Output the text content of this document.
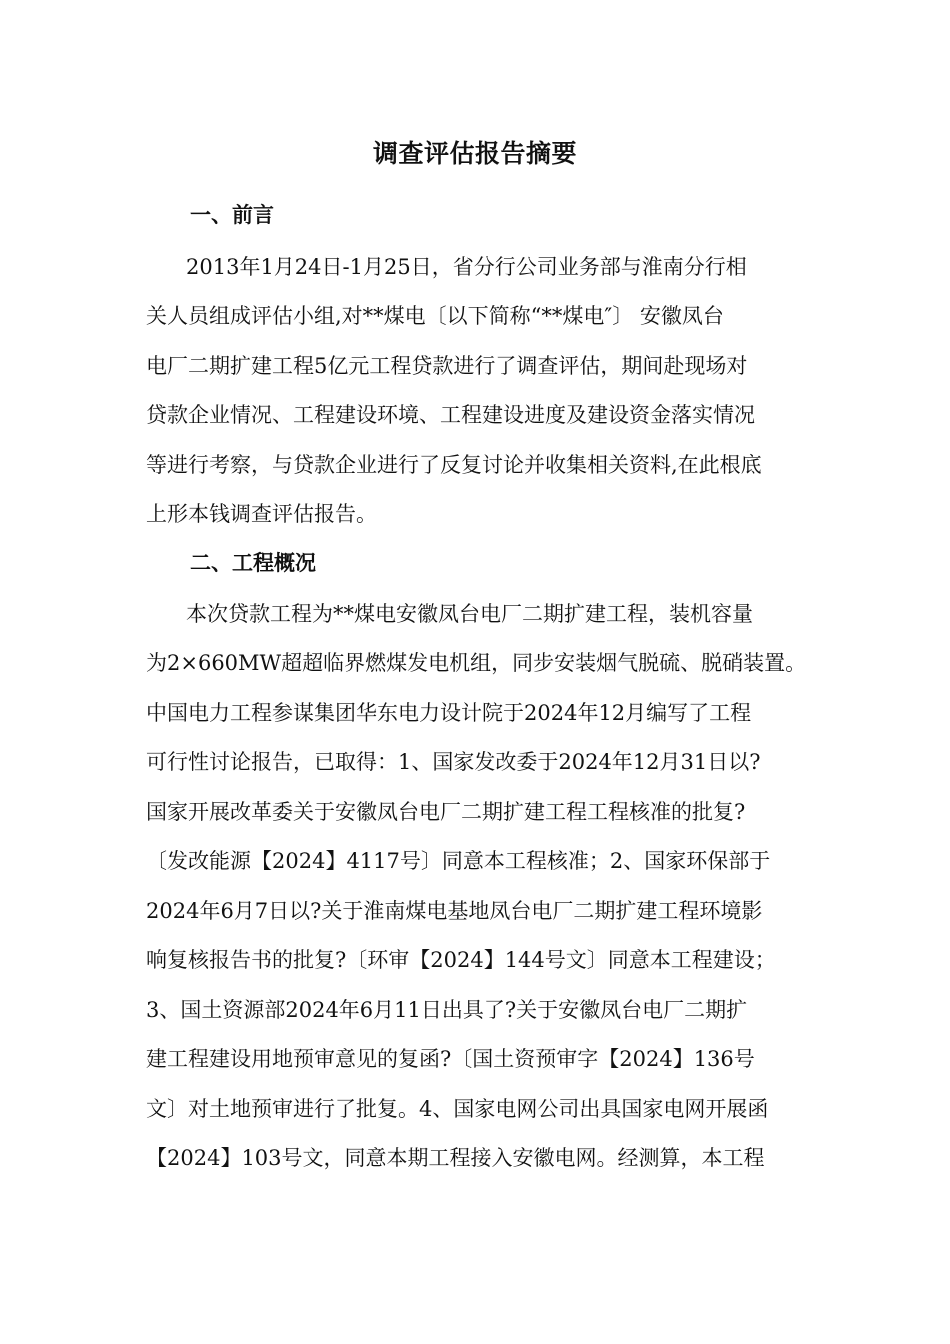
调查评估报告摘要
一、前言
2013年1月24日-1月25日，省分行公司业务部与淮南分行相
关人员组成评估小组,对**煤电〔以下简称“**煤电″〕 安徽凤台
电厂二期扩建工程5亿元工程贷款进行了调查评估，期间赴现场对
贷款企业情况、工程建设环境、工程建设进度及建设资金落实情况
等进行考察，与贷款企业进行了反复讨论并收集相关资料,在此根底
上形本钱调查评估报告。
二、工程概况
本次贷款工程为**煤电安徽凤台电厂二期扩建工程，装机容量
为2×660MW超超临界燃煤发电机组，同步安装烟气脱硫、脱硝装置。
中国电力工程参谋集团华东电力设计院于2024年12月编写了工程
可行性讨论报告，已取得：1、国家发改委于2024年12月31日以?
国家开展改革委关于安徽凤台电厂二期扩建工程工程核准的批复?
〔发改能源【2024】4117号〕同意本工程核准；2、国家环保部于
2024年6月7日以?关于淮南煤电基地凤台电厂二期扩建工程环境影
响复核报告书的批复?〔环审【2024】144号文〕同意本工程建设；
3、国土资源部2024年6月11日出具了?关于安徽凤台电厂二期扩
建工程建设用地预审意见的复函?〔国土资预审字【2024】136号
文〕对土地预审进行了批复。4、国家电网公司出具国家电网开展函
【2024】103号文，同意本期工程接入安徽电网。经测算，本工程
